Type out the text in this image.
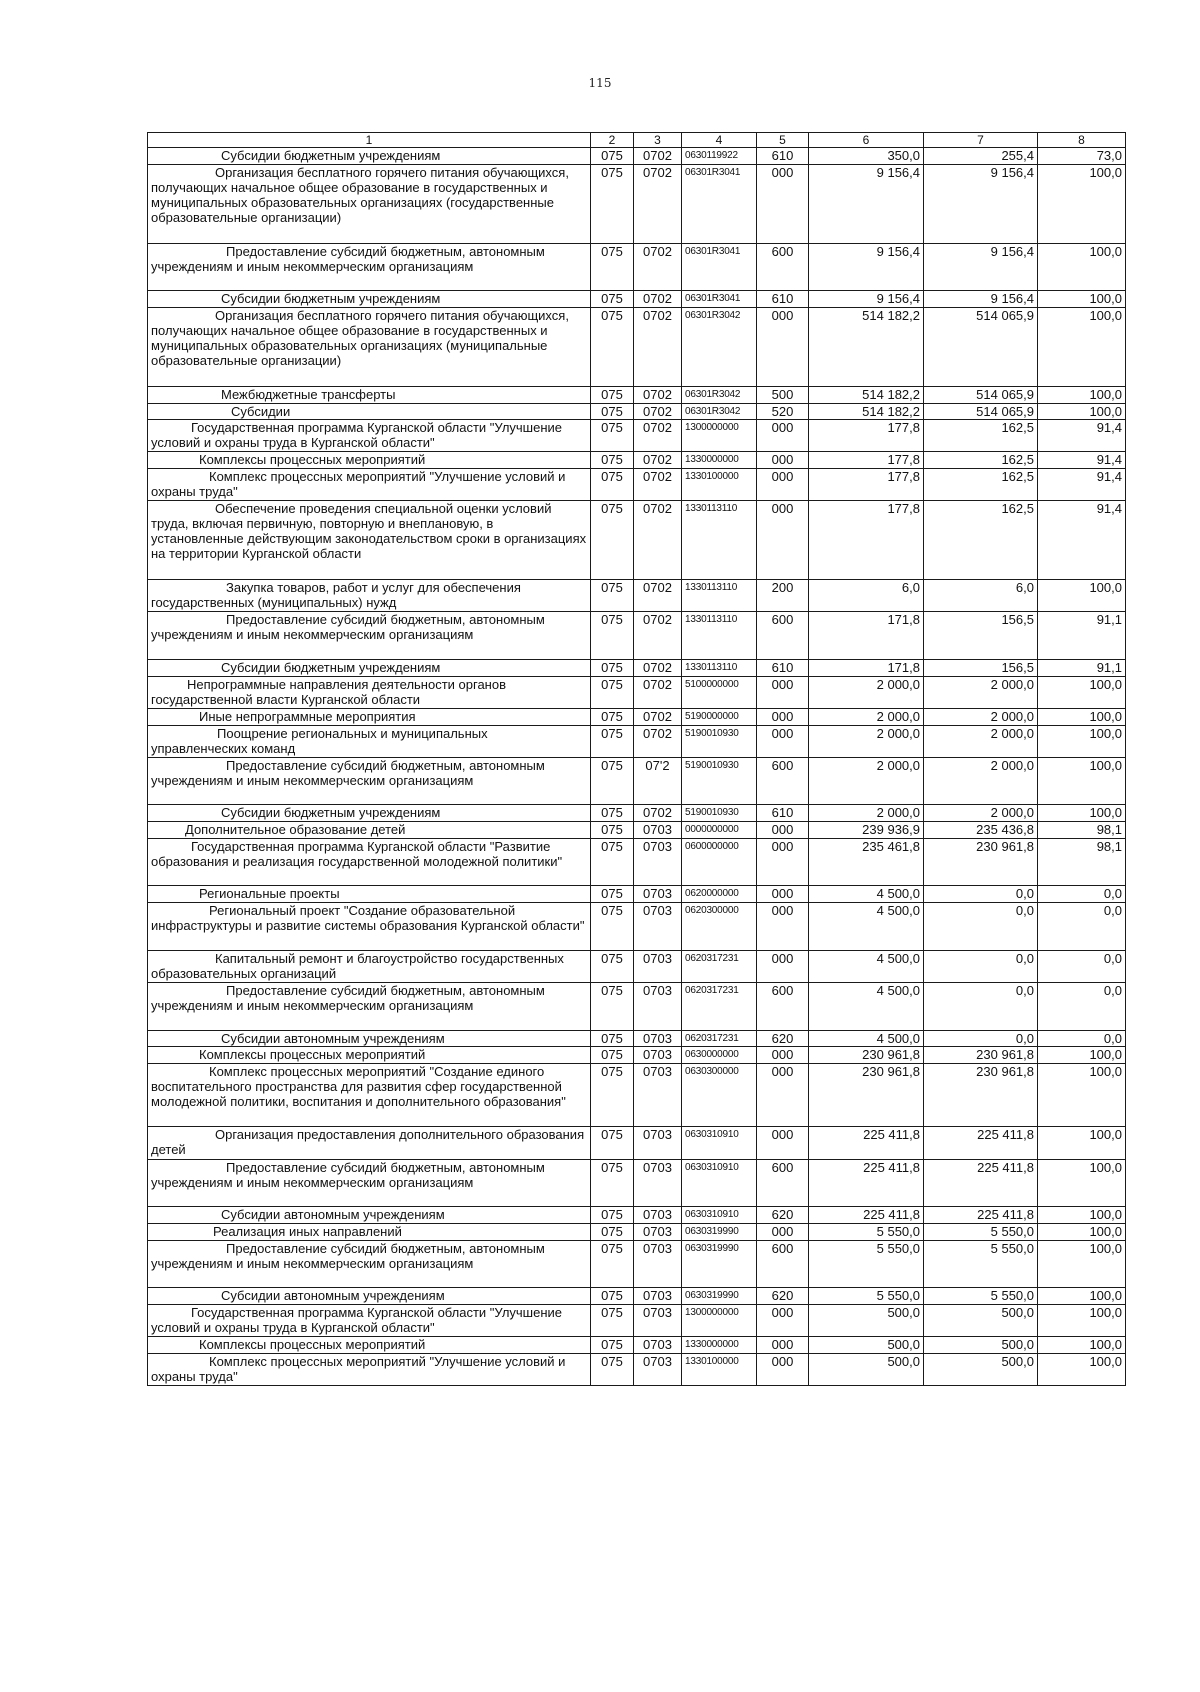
115
1	2	3	4	5	6	7	8
Субсидии бюджетным учреждениям	075	0702	0630119922	610	350,0	255,4	73,0
Организация бесплатного горячего питания обучающихся, получающих начальное общее образование в государственных и муниципальных образовательных организациях (государственные образовательные организации)	075	0702	06301R3041	000	9 156,4	9 156,4	100,0
Предоставление субсидий бюджетным, автономным учреждениям и иным некоммерческим организациям	075	0702	06301R3041	600	9 156,4	9 156,4	100,0
Субсидии бюджетным учреждениям	075	0702	06301R3041	610	9 156,4	9 156,4	100,0
Организация бесплатного горячего питания обучающихся, получающих начальное общее образование в государственных и муниципальных образовательных организациях (муниципальные образовательные организации)	075	0702	06301R3042	000	514 182,2	514 065,9	100,0
Межбюджетные трансферты	075	0702	06301R3042	500	514 182,2	514 065,9	100,0
Субсидии	075	0702	06301R3042	520	514 182,2	514 065,9	100,0
Государственная программа Курганской области "Улучшение условий и охраны труда в Курганской области"	075	0702	1300000000	000	177,8	162,5	91,4
Комплексы процессных мероприятий	075	0702	1330000000	000	177,8	162,5	91,4
Комплекс процессных мероприятий "Улучшение условий и охраны труда"	075	0702	1330100000	000	177,8	162,5	91,4
Обеспечение проведения специальной оценки условий труда, включая первичную, повторную и внеплановую, в установленные действующим законодательством сроки в организациях на территории Курганской области	075	0702	1330113110	000	177,8	162,5	91,4
Закупка товаров, работ и услуг для обеспечения государственных (муниципальных) нужд	075	0702	1330113110	200	6,0	6,0	100,0
Предоставление субсидий бюджетным, автономным учреждениям и иным некоммерческим организациям	075	0702	1330113110	600	171,8	156,5	91,1
Субсидии бюджетным учреждениям	075	0702	1330113110	610	171,8	156,5	91,1
Непрограммные направления деятельности органов государственной власти Курганской области	075	0702	5100000000	000	2 000,0	2 000,0	100,0
Иные непрограммные мероприятия	075	0702	5190000000	000	2 000,0	2 000,0	100,0
Поощрение региональных и муниципальных управленческих команд	075	0702	5190010930	000	2 000,0	2 000,0	100,0
Предоставление субсидий бюджетным, автономным учреждениям и иным некоммерческим организациям	075	07'2	5190010930	600	2 000,0	2 000,0	100,0
Субсидии бюджетным учреждениям	075	0702	5190010930	610	2 000,0	2 000,0	100,0
Дополнительное образование детей	075	0703	0000000000	000	239 936,9	235 436,8	98,1
Государственная программа Курганской области "Развитие образования и реализация государственной молодежной политики"	075	0703	0600000000	000	235 461,8	230 961,8	98,1
Региональные проекты	075	0703	0620000000	000	4 500,0	0,0	0,0
Региональный проект "Создание образовательной инфраструктуры и развитие системы образования Курганской области"	075	0703	0620300000	000	4 500,0	0,0	0,0
Капитальный ремонт и благоустройство государственных образовательных организаций	075	0703	0620317231	000	4 500,0	0,0	0,0
Предоставление субсидий бюджетным, автономным учреждениям и иным некоммерческим организациям	075	0703	0620317231	600	4 500,0	0,0	0,0
Субсидии автономным учреждениям	075	0703	0620317231	620	4 500,0	0,0	0,0
Комплексы процессных мероприятий	075	0703	0630000000	000	230 961,8	230 961,8	100,0
Комплекс процессных мероприятий "Создание единого воспитательного пространства для развития сфер государственной молодежной политики, воспитания и дополнительного образования"	075	0703	0630300000	000	230 961,8	230 961,8	100,0
Организация предоставления дополнительного образования детей	075	0703	0630310910	000	225 411,8	225 411,8	100,0
Предоставление субсидий бюджетным, автономным учреждениям и иным некоммерческим организациям	075	0703	0630310910	600	225 411,8	225 411,8	100,0
Субсидии автономным учреждениям	075	0703	0630310910	620	225 411,8	225 411,8	100,0
Реализация иных направлений	075	0703	0630319990	000	5 550,0	5 550,0	100,0
Предоставление субсидий бюджетным, автономным учреждениям и иным некоммерческим организациям	075	0703	0630319990	600	5 550,0	5 550,0	100,0
Субсидии автономным учреждениям	075	0703	0630319990	620	5 550,0	5 550,0	100,0
Государственная программа Курганской области "Улучшение условий и охраны труда в Курганской области"	075	0703	1300000000	000	500,0	500,0	100,0
Комплексы процессных мероприятий	075	0703	1330000000	000	500,0	500,0	100,0
Комплекс процессных мероприятий "Улучшение условий и охраны труда"	075	0703	1330100000	000	500,0	500,0	100,0
